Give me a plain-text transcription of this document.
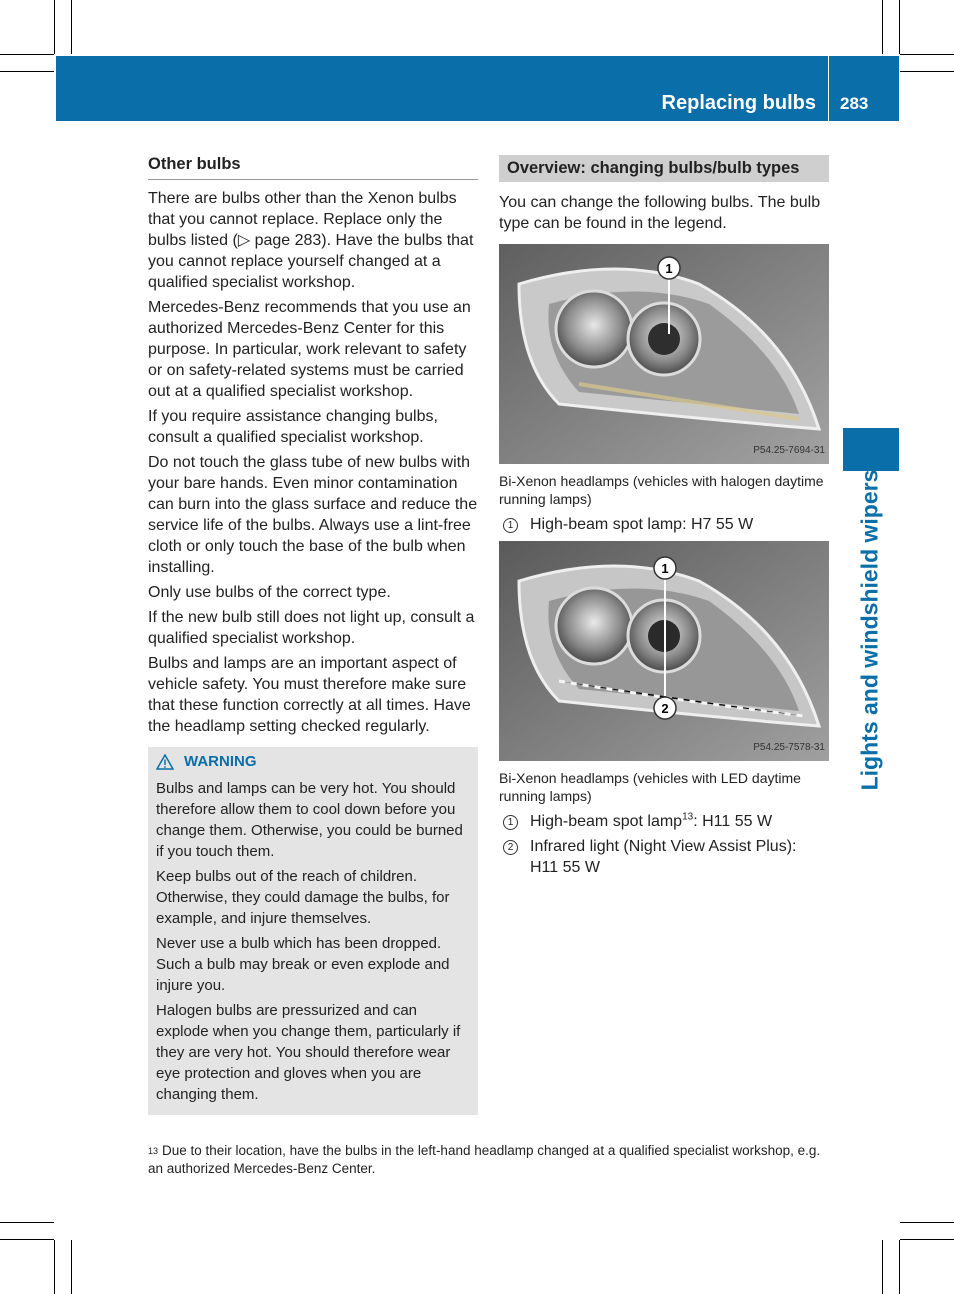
Replacing bulbs 283
Lights and windshield wipers
Other bulbs

There are bulbs other than the Xenon bulbs that you cannot replace. Replace only the bulbs listed (▷ page 283). Have the bulbs that you cannot replace yourself changed at a qualified specialist workshop.

Mercedes-Benz recommends that you use an authorized Mercedes-Benz Center for this purpose. In particular, work relevant to safety or on safety-related systems must be carried out at a qualified specialist workshop.

If you require assistance changing bulbs, consult a qualified specialist workshop.

Do not touch the glass tube of new bulbs with your bare hands. Even minor contamination can burn into the glass surface and reduce the service life of the bulbs. Always use a lint-free cloth or only touch the base of the bulb when installing.

Only use bulbs of the correct type.

If the new bulb still does not light up, consult a qualified specialist workshop.

Bulbs and lamps are an important aspect of vehicle safety. You must therefore make sure that these function correctly at all times. Have the headlamp setting checked regularly.

WARNING

Bulbs and lamps can be very hot. You should therefore allow them to cool down before you change them. Otherwise, you could be burned if you touch them.

Keep bulbs out of the reach of children. Otherwise, they could damage the bulbs, for example, and injure themselves.

Never use a bulb which has been dropped. Such a bulb may break or even explode and injure you.

Halogen bulbs are pressurized and can explode when you change them, particularly if they are very hot. You should therefore wear eye protection and gloves when you are changing them.

Overview: changing bulbs/bulb types

You can change the following bulbs. The bulb type can be found in the legend.

1
P54.25-7694-31
Bi-Xenon headlamps (vehicles with halogen daytime running lamps)
1 High-beam spot lamp: H7 55 W
1
2
P54.25-7578-31
Bi-Xenon headlamps (vehicles with LED daytime running lamps)
1 High-beam spot lamp$^{13}$: H11 55 W
2 Infrared light (Night View Assist Plus): H11 55 W
$^{13}$ Due to their location, have the bulbs in the left-hand headlamp changed at a qualified specialist workshop, e.g. an authorized Mercedes-Benz Center.
